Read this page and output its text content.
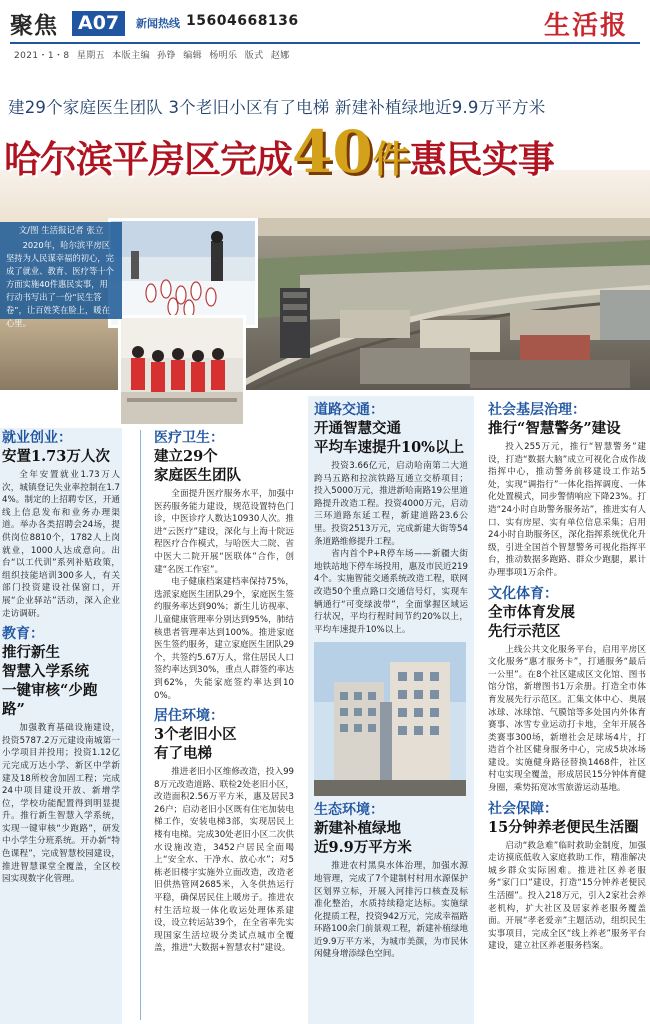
聚焦	A07	新闻热线 15604668136	生活报
2021・1・8 星期五 本版主编 孙铮 编辑 杨明乐 版式 赵娜
建29个家庭医生团队 3个老旧小区有了电梯 新建补植绿地近9.9万平方米
哈尔滨平房区完成40件惠民实事
文/图 生活报记者 张立
2020年，哈尔滨平房区坚持为人民谋幸福的初心，完成了就业、教育、医疗等十个方面实施40件惠民实事，用行动书写出了一份“民生答卷”，让百姓笑在脸上，暖在心里。
就业创业：
安置1.73万人次
全年安置就业1.73万人次，城镇登记失业率控制在1.74%。制定的上招聘专区，开通线上信息发布和业务办理渠道。举办各类招聘会24场，提供岗位8810个，1782人上岗就业，1000人达成意向。出台“以工代训”系列补贴政策，组织技能培训300多人，有关部门投资建设社保窗口，开展“企业驿站”活动，深入企业走访调研。
教育：
推行新生
智慧入学系统
一键审核“少跑路”
加强教育基础设施建设，投资5787.2万元建设南城第一小学项目并投用；投资1.12亿元完成万达小学、新区中学新建及18所校舍加固工程；完成24中项目建设开放、新增学位，学校功能配置得到明显提升。推行新生智慧入学系统，实现一键审核“少跑路”，研发中小学生分班系统。开办新“特色课程”，完成智慧校园建设，推进智慧课堂全覆盖，全区校园实现数字化管理。
医疗卫生：
建立29个
家庭医生团队
全面提升医疗服务水平，加强中医药服务能力建设，规范设置特色门诊，中医诊疗人数达10930人次。推进“云医疗”建设，深化与上海十院远程医疗合作模式，与哈医大二院、省中医大二院开展“医联体”合作，创建“名医工作室”。
电子健康档案建档率保持75%，选派家庭医生团队29个，家庭医生签约服务率达到90%；新生儿访视率、儿童健康管理率分别达到95%，肺结核患者管理率达到100%。推进家庭医生签约服务，建立家庭医生团队29个，共签约5.67万人，常住居民人口签约率达到30%，重点人群签约率达到62%，失能家庭签约率达到100%。
居住环境：
3个老旧小区
有了电梯
推进老旧小区维修改造，投入998万元改造道路、联检2处老旧小区，改造面积2.56万平方米，惠及居民326户；启动老旧小区既有住宅加装电梯工作，安装电梯3部，实现居民上楼有电梯。完成30处老旧小区二次供水设施改造，3452户居民全面喝上“安全水、干净水、放心水”；对5栋老旧楼宇实施外立面改造，改造老旧供热管网2685米，入冬供热运行平稳，确保居民住上暖房子。推进农村生活垃圾一体化收运处理体系建设，设立转运站39个，在全省率先实现国家生活垃圾分类试点城市全覆盖，推进“大数据+智慧农村”建设。
道路交通：
开通智慧交通
平均车速提升10%以上
投资3.66亿元，启动哈南第二大道跨马五路和拉滨铁路互通立交桥项目；投入5000万元，推进新哈南路19公里道路提升改造工程。投资4000万元，启动三环道路东延工程，新建道路23.6公里。投资2513万元，完成新建大街等54条道路维修提升工程。
省内首个P+R停车场——新疆大街地铁站地下停车场投用，惠及市民近2194个。实施智能交通系统改造工程，联网改造50个重点路口交通信号灯，实现车辆通行“可变绿波带”，全面掌握区域运行状况，平均行程时间节约20%以上，平均车速提升10%以上。
生态环境：
新建补植绿地
近9.9万平方米
推进农村黑臭水体治理，加强水源地管理，完成了7个建制村村用水源保护区划界立标，开展入河排污口核查及标准化整治，水质持续稳定达标。实施绿化提质工程，投资942万元，完成幸福路环路100余门前景观工程，新建补植绿地近9.9万平方米，为城市美颜，为市民休闲健身增添绿色空间。
社会基层治理：
推行“智慧警务”建设
投入255万元，推行“智慧警务”建设，打造“数据大脑”成立可视化合成作战指挥中心，推动警务前移建设工作站5处，实现“调指行”一体化指挥调度、一体化处置模式，同步警情响应下降23%。打造“24小时自助警务服务站”，推进实有人口、实有房屋、实有单位信息采集；启用24小时自助服务区，深化指挥系统优化升级，引进全国首个智慧警务可视化指挥平台，推动数据多跑路、群众少跑腿，累计办理事项1万余件。
文化体育：
全市体育发展
先行示范区
上线公共文化服务平台，启用平房区文化服务“惠才服务卡”，打通服务“最后一公里”。在8个社区建成区文化馆、图书馆分馆，新增图书1万余册。打造全市体育发展先行示范区。汇集文体中心、奥展冰球、冰球馆、气膜馆等多处国内外体育赛事、冰雪专业运动打卡地，全年开展各类赛事300场，新增社会足球场4片，打造首个社区健身服务中心，完成5块冰场建设。实施健身路径替换1468件，社区村屯实现全覆盖，形成居民15分钟体育健身圈，乘势拓宽冰雪旅游运动基地。
社会保障：
15分钟养老便民生活圈
启动“救急难”临时救助金制度，加强走访摸底低收入家庭救助工作，精准解决城乡群众实际困难。推进社区养老服务“家门口”建设，打造“15分钟养老便民生活圈”。投入218万元，引入2家社会养老机构，扩大社区及居家养老服务覆盖面。开展“孝老爱亲”主题活动，组织民生实事项目，完成全区“线上养老”服务平台建设，建立社区养老服务档案。
